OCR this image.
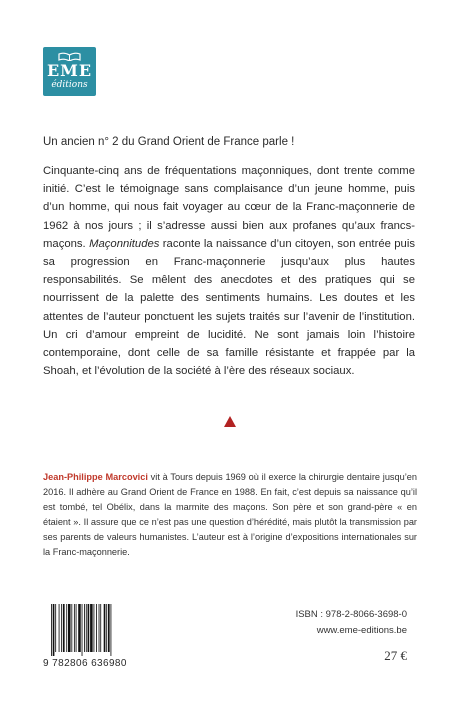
EME
éditions

Un ancien n° 2 du Grand Orient de France parle !

Cinquante-cinq ans de fréquentations maçonniques, dont trente comme initié. C’est le témoignage sans complaisance d’un jeune homme, puis d’un homme, qui nous fait voyager au cœur de la Franc-maçonnerie de 1962 à nos jours ; il s’adresse aussi bien aux profanes qu’aux francs-maçons. Maçonnitudes raconte la naissance d’un citoyen, son entrée puis sa progression en Franc-maçonnerie jusqu’aux plus hautes responsabilités. Se mêlent des anecdotes et des pratiques qui se nourrissent de la palette des sentiments humains. Les doutes et les attentes de l’auteur ponctuent les sujets traités sur l’avenir de l’institution. Un cri d’amour empreint de lucidité. Ne sont jamais loin l’histoire contemporaine, dont celle de sa famille résistante et frappée par la Shoah, et l’évolution de la société à l’ère des réseaux sociaux.

Jean-Philippe Marcovici vit à Tours depuis 1969 où il exerce la chirurgie dentaire jusqu’en 2016. Il adhère au Grand Orient de France en 1988. En fait, c’est depuis sa naissance qu’il est tombé, tel Obélix, dans la marmite des maçons. Son père et son grand-père « en étaient ». Il assure que ce n’est pas une question d’hérédité, mais plutôt la transmission par ses parents de valeurs humanistes. L’auteur est à l’origine d’expositions internationales sur la Franc-maçonnerie.

9 782806 636980
ISBN : 978-2-8066-3698-0
www.eme-editions.be
27 €
